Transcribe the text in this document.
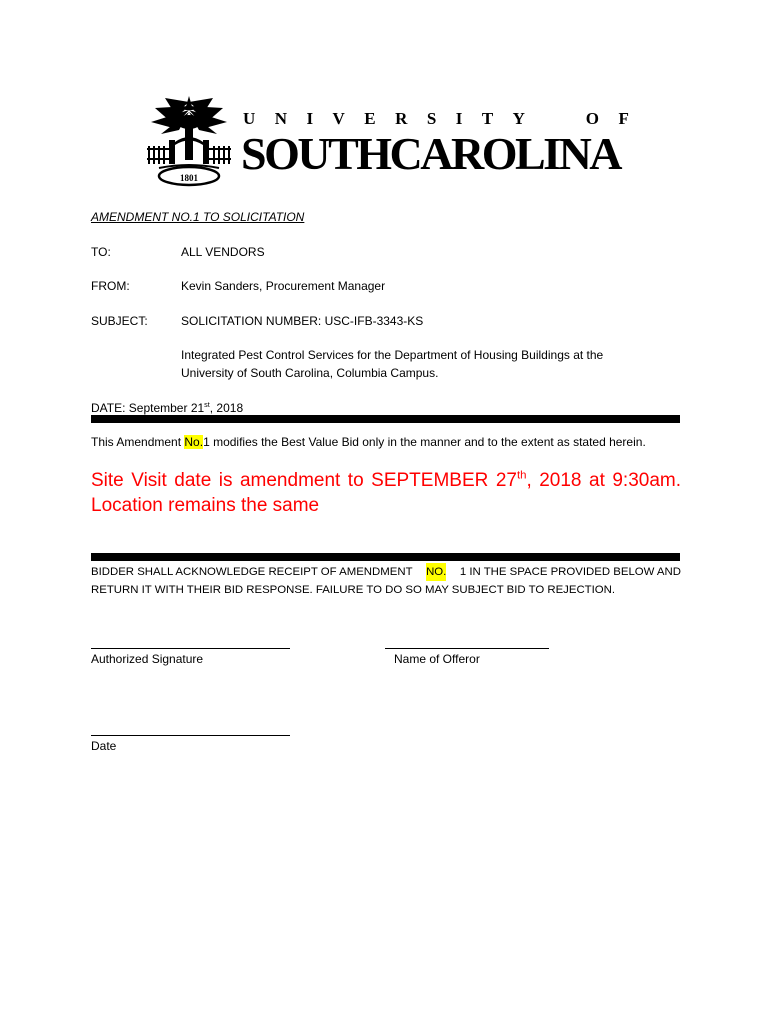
1801
U N I V E R S I T Y	O F
SOUTHCAROLINA
AMENDMENT NO.1 TO SOLICITATION
TO:	ALL VENDORS
FROM:	Kevin Sanders, Procurement Manager
SUBJECT:	SOLICITATION NUMBER: USC-IFB-3343-KS
Integrated Pest Control Services for the Department of Housing Buildings at the
University of South Carolina, Columbia Campus.
DATE: September 21st, 2018
This Amendment No.1 modifies the Best Value Bid only in the manner and to the extent as stated herein.
Site Visit date is amendment to SEPTEMBER 27th, 2018 at 9:30am.
Location remains the same
BIDDER SHALL ACKNOWLEDGE RECEIPT OF AMENDMENT NO. 1 IN THE SPACE PROVIDED BELOW AND
RETURN IT WITH THEIR BID RESPONSE. FAILURE TO DO SO MAY SUBJECT BID TO REJECTION.
Authorized Signature	Name of Offeror
Date
